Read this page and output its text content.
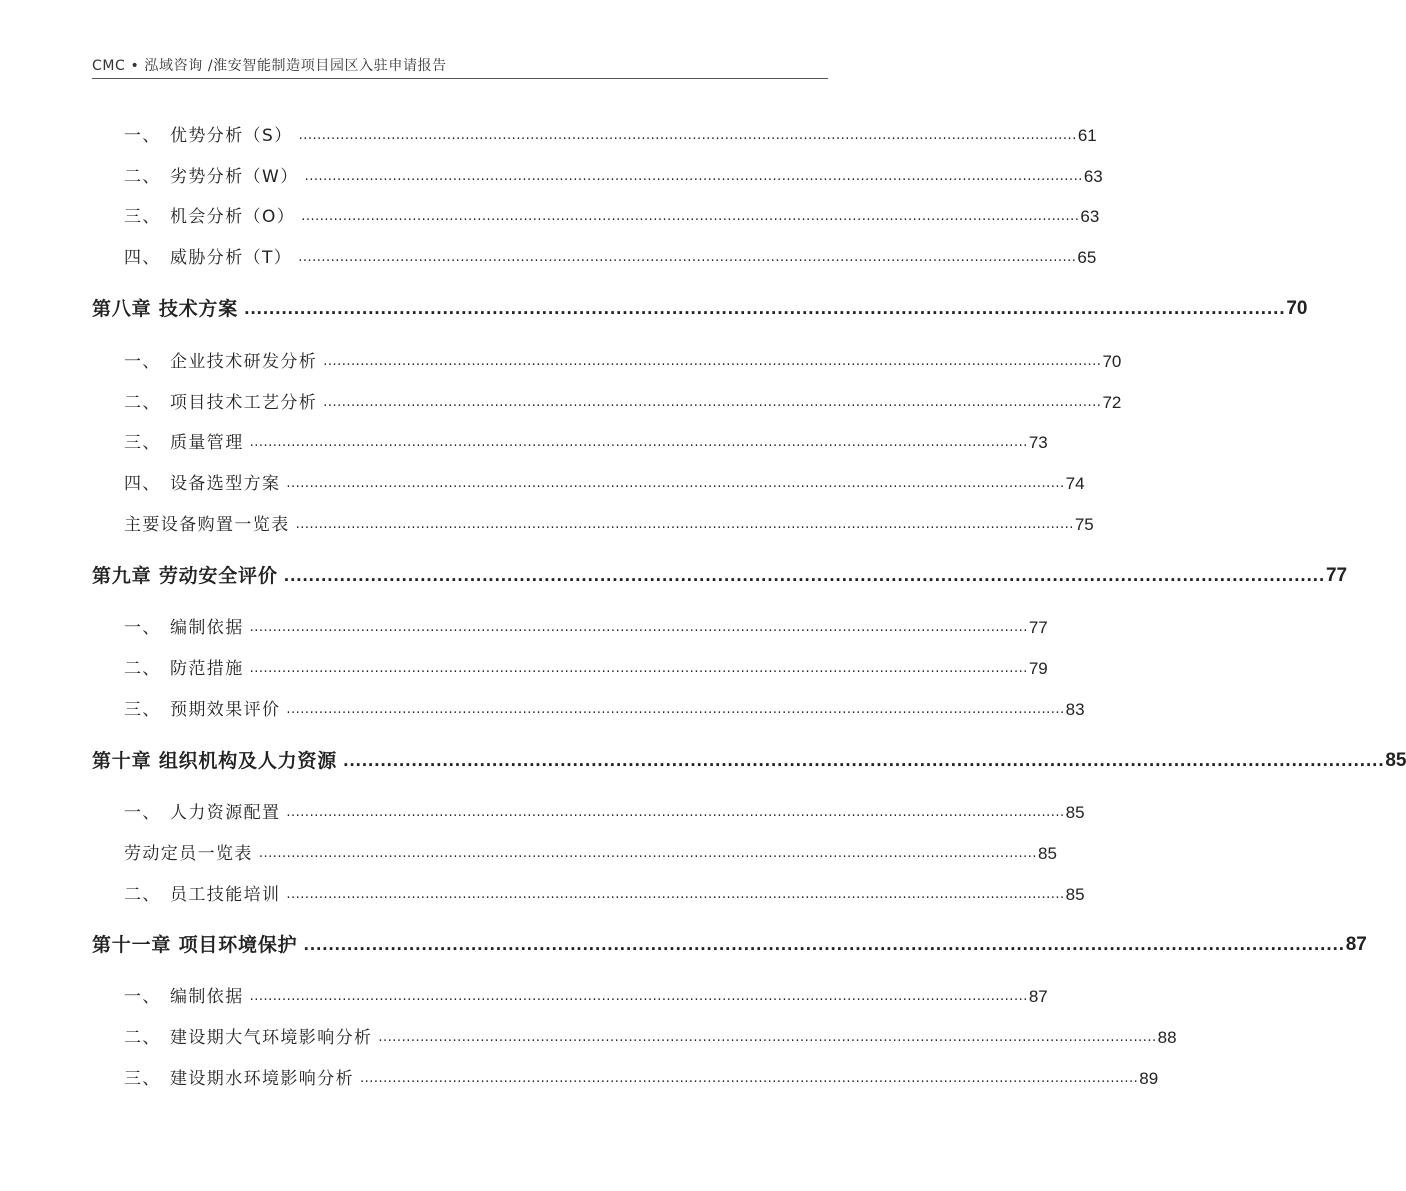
CMC • 泓域咨询 /淮安智能制造项目园区入驻申请报告
一、 优势分析（S） ........................................................................................................................................................................ 61
二、 劣势分析（W） ........................................................................................................................................................................ 63
三、 机会分析（O） ........................................................................................................................................................................ 63
四、 威胁分析（T） ........................................................................................................................................................................ 65
第八章 技术方案 ........................................................................................................................................................................ 70
一、 企业技术研发分析 ........................................................................................................................................................................ 70
二、 项目技术工艺分析 ........................................................................................................................................................................ 72
三、 质量管理 ........................................................................................................................................................................ 73
四、 设备选型方案 ........................................................................................................................................................................ 74
主要设备购置一览表 ........................................................................................................................................................................ 75
第九章 劳动安全评价 ........................................................................................................................................................................ 77
一、 编制依据 ........................................................................................................................................................................ 77
二、 防范措施 ........................................................................................................................................................................ 79
三、 预期效果评价 ........................................................................................................................................................................ 83
第十章 组织机构及人力资源 ........................................................................................................................................................................ 85
一、 人力资源配置 ........................................................................................................................................................................ 85
劳动定员一览表 ........................................................................................................................................................................ 85
二、 员工技能培训 ........................................................................................................................................................................ 85
第十一章 项目环境保护 ........................................................................................................................................................................ 87
一、 编制依据 ........................................................................................................................................................................ 87
二、 建设期大气环境影响分析 ........................................................................................................................................................................ 88
三、 建设期水环境影响分析 ........................................................................................................................................................................ 89
